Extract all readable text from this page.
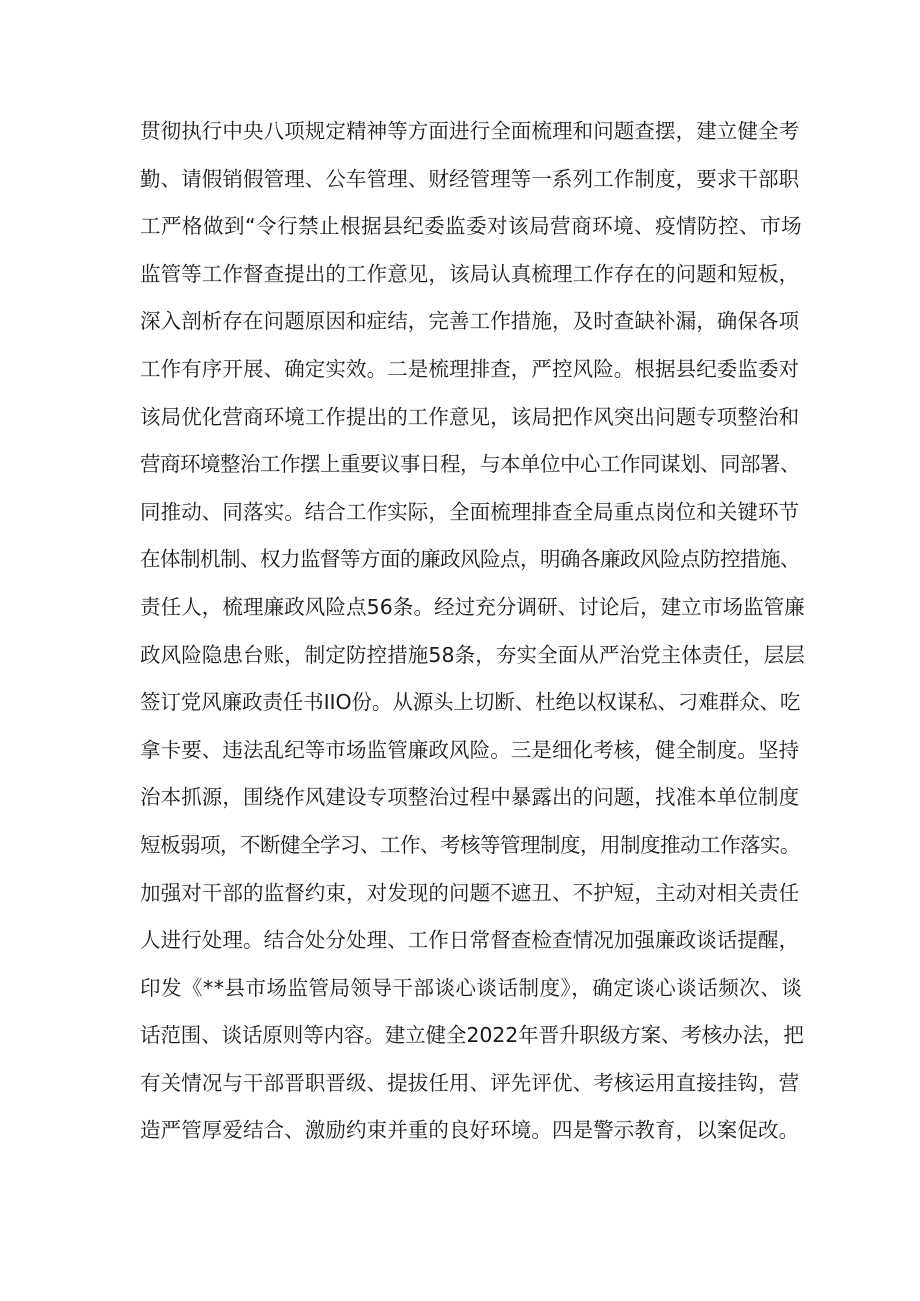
贯彻执行中央八项规定精神等方面进行全面梳理和问题查摆，建立健全考
勤、请假销假管理、公车管理、财经管理等一系列工作制度，要求干部职
工严格做到“令行禁止根据县纪委监委对该局营商环境、疫情防控、市场
监管等工作督查提出的工作意见，该局认真梳理工作存在的问题和短板，
深入剖析存在问题原因和症结，完善工作措施，及时查缺补漏，确保各项
工作有序开展、确定实效。二是梳理排查，严控风险。根据县纪委监委对
该局优化营商环境工作提出的工作意见，该局把作风突出问题专项整治和
营商环境整治工作摆上重要议事日程，与本单位中心工作同谋划、同部署、
同推动、同落实。结合工作实际，全面梳理排查全局重点岗位和关键环节
在体制机制、权力监督等方面的廉政风险点，明确各廉政风险点防控措施、
责任人，梳理廉政风险点56条。经过充分调研、讨论后，建立市场监管廉
政风险隐患台账，制定防控措施58条，夯实全面从严治党主体责任，层层
签订党风廉政责任书IIO份。从源头上切断、杜绝以权谋私、刁难群众、吃
拿卡要、违法乱纪等市场监管廉政风险。三是细化考核，健全制度。坚持
治本抓源，围绕作风建设专项整治过程中暴露出的问题，找准本单位制度
短板弱项，不断健全学习、工作、考核等管理制度，用制度推动工作落实。
加强对干部的监督约束，对发现的问题不遮丑、不护短，主动对相关责任
人进行处理。结合处分处理、工作日常督查检查情况加强廉政谈话提醒，
印发《**县市场监管局领导干部谈心谈话制度》，确定谈心谈话频次、谈
话范围、谈话原则等内容。建立健全2022年晋升职级方案、考核办法，把
有关情况与干部晋职晋级、提拔任用、评先评优、考核运用直接挂钩，营
造严管厚爱结合、激励约束并重的良好环境。四是警示教育，以案促改。
